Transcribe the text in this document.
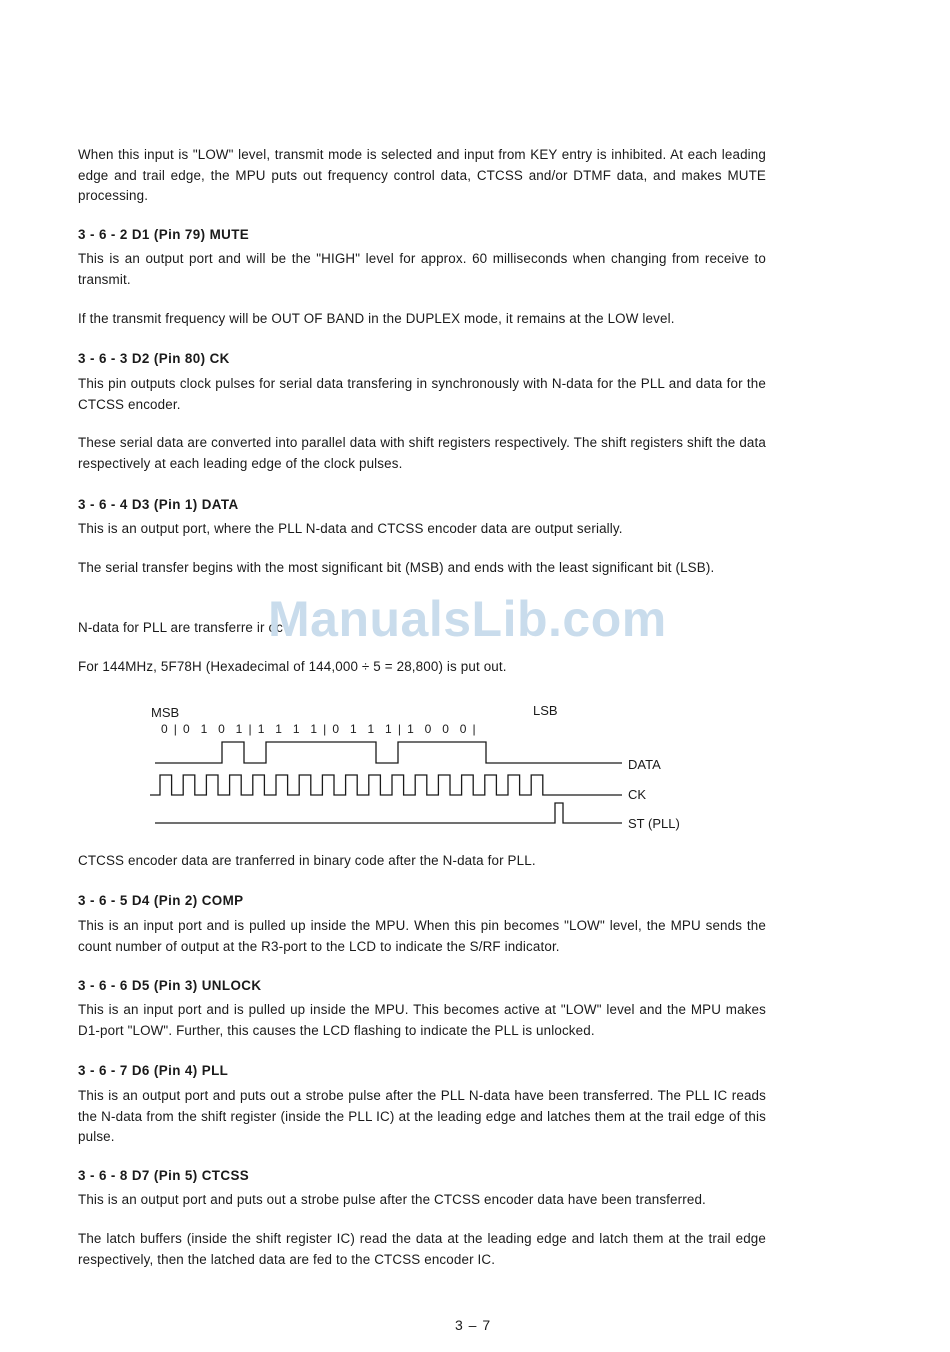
When this input is "LOW" level, transmit mode is selected and input from KEY entry is inhibited. At each leading edge and trail edge, the MPU puts out frequency control data, CTCSS and/or DTMF data, and makes MUTE processing.

3 - 6 - 2 D1 (Pin 79) MUTE

This is an output port and will be the "HIGH" level for approx. 60 milliseconds when changing from receive to transmit.

If the transmit frequency will be OUT OF BAND in the DUPLEX mode, it remains at the LOW level.

3 - 6 - 3 D2 (Pin 80) CK

This pin outputs clock pulses for serial data transfering in synchronously with N-data for the PLL and data for the CTCSS encoder.

These serial data are converted into parallel data with shift registers respectively. The shift registers shift the data respectively at each leading edge of the clock pulses.

3 - 6 - 4 D3 (Pin 1) DATA

This is an output port, where the PLL N-data and CTCSS encoder data are output serially.

The serial transfer begins with the most significant bit (MSB) and ends with the least significant bit (LSB).

N-data for PLL are transferre ir oc .

For 144MHz, 5F78H (Hexadecimal of 144,000 ÷ 5 = 28,800) is put out.

MSB	LSB
0 | 0  1  0  1 | 1  1  1  1 | 0  1  1  1 | 1  0  0  0 |
DATA
CK
ST (PLL)

CTCSS encoder data are tranferred in binary code after the N-data for PLL.

3 - 6 - 5 D4 (Pin 2) COMP

This is an input port and is pulled up inside the MPU. When this pin becomes "LOW" level, the MPU sends the count number of output at the R3-port to the LCD to indicate the S/RF indicator.

3 - 6 - 6 D5 (Pin 3) UNLOCK

This is an input port and is pulled up inside the MPU. This becomes active at "LOW" level and the MPU makes D1-port "LOW". Further, this causes the LCD flashing to indicate the PLL is unlocked.

3 - 6 - 7 D6 (Pin 4) PLL

This is an output port and puts out a strobe pulse after the PLL N-data have been transferred. The PLL IC reads the N-data from the shift register (inside the PLL IC) at the leading edge and latches them at the trail edge of this pulse.

3 - 6 - 8 D7 (Pin 5) CTCSS

This is an output port and puts out a strobe pulse after the CTCSS encoder data have been transferred.

The latch buffers (inside the shift register IC) read the data at the leading edge and latch them at the trail edge respectively, then the latched data are fed to the CTCSS encoder IC.

ManualsLib.com
3 – 7
